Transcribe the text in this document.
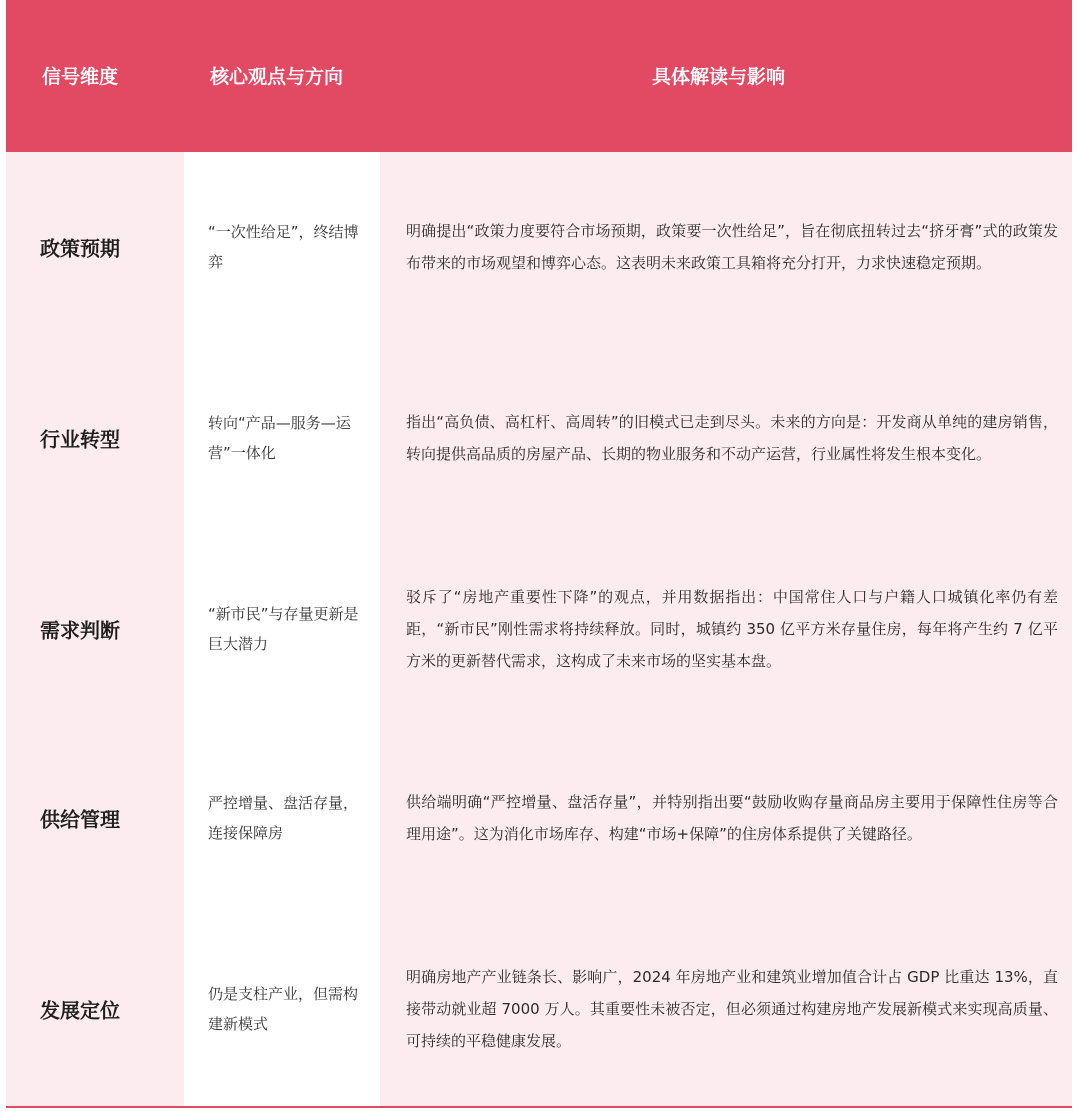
信号维度	核心观点与方向	具体解读与影响
政策预期
“一次性给足”，终结博弈
明确提出“政策力度要符合市场预期，政策要一次性给足”，旨在彻底扭转过去“挤牙膏”式的政策发布带来的市场观望和博弈心态。这表明未来政策工具箱将充分打开，力求快速稳定预期。
行业转型
转向“产品—服务—运营”一体化
指出“高负债、高杠杆、高周转”的旧模式已走到尽头。未来的方向是：开发商从单纯的建房销售，转向提供高品质的房屋产品、长期的物业服务和不动产运营，行业属性将发生根本变化。
需求判断
“新市民”与存量更新是巨大潜力
驳斥了“房地产重要性下降”的观点，并用数据指出：中国常住人口与户籍人口城镇化率仍有差距，“新市民”刚性需求将持续释放。同时，城镇约 350 亿平方米存量住房，每年将产生约 7 亿平方米的更新替代需求，这构成了未来市场的坚实基本盘。
供给管理
严控增量、盘活存量，连接保障房
供给端明确“严控增量、盘活存量”，并特别指出要“鼓励收购存量商品房主要用于保障性住房等合理用途”。这为消化市场库存、构建“市场+保障”的住房体系提供了关键路径。
发展定位
仍是支柱产业，但需构建新模式
明确房地产产业链条长、影响广，2024 年房地产业和建筑业增加值合计占 GDP 比重达 13%，直接带动就业超 7000 万人。其重要性未被否定，但必须通过构建房地产发展新模式来实现高质量、可持续的平稳健康发展。
